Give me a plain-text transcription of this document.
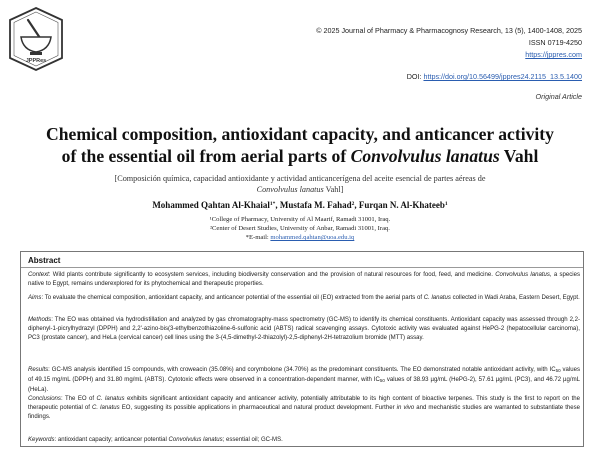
JPPRes
© 2025 Journal of Pharmacy & Pharmacognosy Research, 13 (5), 1400-1408, 2025
ISSN 0719-4250
https://jppres.com
DOI: https://doi.org/10.56499/jppres24.2115_13.5.1400
Original Article
Chemical composition, antioxidant capacity, and anticancer activity
of the essential oil from aerial parts of Convolvulus lanatus Vahl
[Composición química, capacidad antioxidante y actividad anticancerígena del aceite esencial de partes aéreas de
Convolvulus lanatus Vahl]
Mohammed Qahtan Al-Khaial$^{1*}$, Mustafa M. Fahad$^2$, Furqan N. Al-Khateeb$^1$
¹College of Pharmacy, University of Al Maarif, Ramadi 31001, Iraq.
²Center of Desert Studies, University of Anbar, Ramadi 31001, Iraq.
*E-mail: mohammed.qahtan@uoa.edu.iq
Abstract
Context: Wild plants contribute significantly to ecosystem services, including biodiversity conservation and the provision of natural resources for food, feed, and medicine. Convolvulus lanatus, a species native to Egypt, remains underexplored for its phytochemical and therapeutic properties.
Aims: To evaluate the chemical composition, antioxidant capacity, and anticancer potential of the essential oil (EO) extracted from the aerial parts of C. lanatus collected in Wadi Araba, Eastern Desert, Egypt.
Methods: The EO was obtained via hydrodistillation and analyzed by gas chromatography-mass spectrometry (GC-MS) to identify its chemical constituents. Antioxidant capacity was assessed through 2,2-diphenyl-1-picrylhydrazyl (DPPH) and 2,2'-azino-bis(3-ethylbenzothiazoline-6-sulfonic acid (ABTS) radical scavenging assays. Cytotoxic activity was evaluated against HePG-2 (hepatocellular carcinoma), PC3 (prostate cancer), and HeLa (cervical cancer) cell lines using the 3-(4,5-dimethyl-2-thiazolyl)-2,5-diphenyl-2H-tetrazolium bromide (MTT) assay.
Results: GC-MS analysis identified 15 compounds, with croweacin (35.08%) and corymbolone (34.70%) as the predominant constituents. The EO demonstrated notable antioxidant activity, with $IC_{50}$ values of 49.15 mg/mL (DPPH) and 31.80 mg/mL (ABTS). Cytotoxic effects were observed in a concentration-dependent manner, with $IC_{50}$ values of 38.93 µg/mL (HePG-2), 57.61 µg/mL (PC3), and 46.72 µg/mL (HeLa).
Conclusions: The EO of C. lanatus exhibits significant antioxidant capacity and anticancer activity, potentially attributable to its high content of bioactive terpenes. This study is the first to report on the therapeutic potential of C. lanatus EO, suggesting its possible applications in pharmaceutical and natural product development. Further in vivo and mechanistic studies are warranted to substantiate these findings.
Keywords: antioxidant capacity; anticancer potential Convolvulus lanatus; essential oil; GC-MS.
